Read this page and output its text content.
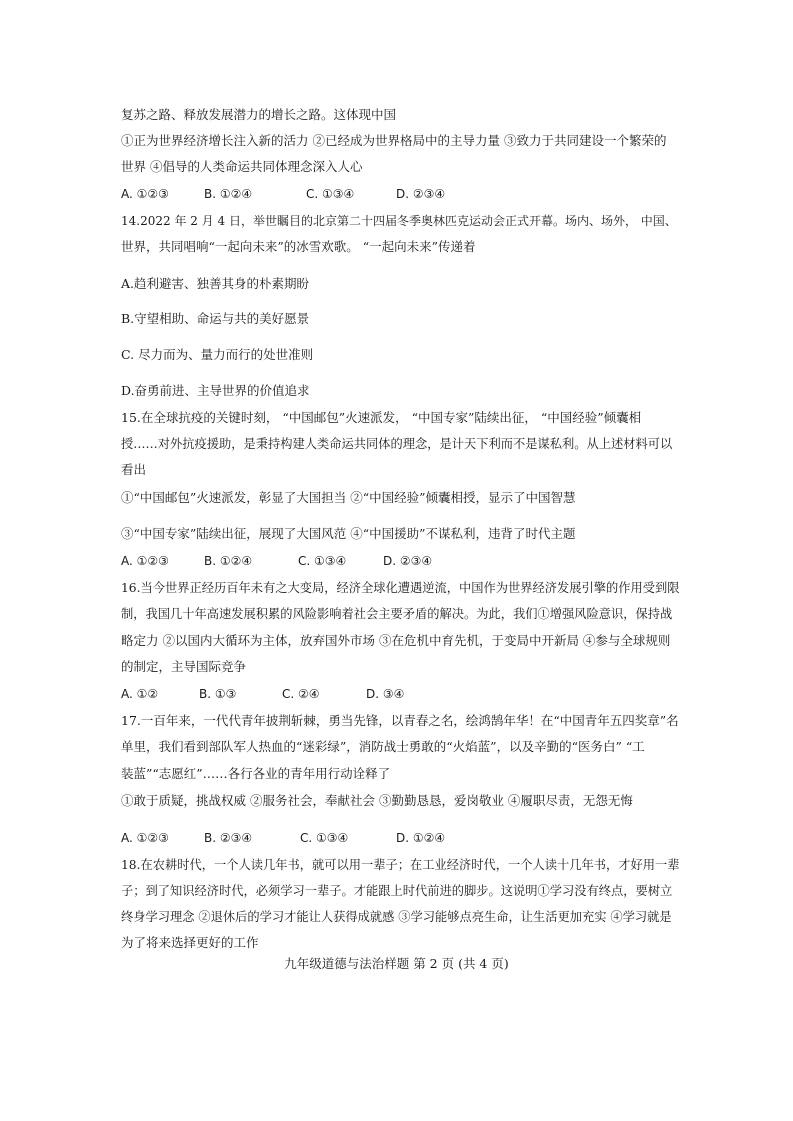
复苏之路、释放发展潜力的增长之路。这体现中国
①正为世界经济增长注入新的活力 ②已经成为世界格局中的主导力量 ③致力于共同建设一个繁荣的
世界 ④倡导的人类命运共同体理念深入人心
A. ①②③	B. ①②④	C. ①③④	D. ②③④
14.2022 年 2 月 4 日，举世瞩目的北京第二十四届冬季奥林匹克运动会正式开幕。场内、场外， 中国、
世界，共同唱响“一起向未来”的冰雪欢歌。 “一起向未来”传递着
A.趋利避害、独善其身的朴素期盼
B.守望相助、命运与共的美好愿景
C. 尽力而为、量力而行的处世准则
D.奋勇前进、主导世界的价值追求
15.在全球抗疫的关键时刻， “中国邮包”火速派发， “中国专家”陆续出征， “中国经验”倾囊相
授……对外抗疫援助，是秉持构建人类命运共同体的理念，是计天下利而不是谋私利。从上述材料可以
看出
①“中国邮包”火速派发，彰显了大国担当 ②“中国经验”倾囊相授，显示了中国智慧
③“中国专家”陆续出征，展现了大国风范 ④“中国援助”不谋私利，违背了时代主题
A. ①②③	B. ①②④	C. ①③④	D. ②③④
16.当今世界正经历百年未有之大变局，经济全球化遭遇逆流，中国作为世界经济发展引擎的作用受到限
制，我国几十年高速发展积累的风险影响着社会主要矛盾的解决。为此，我们①增强风险意识，保持战
略定力 ②以国内大循环为主体，放弃国外市场 ③在危机中育先机，于变局中开新局 ④参与全球规则
的制定，主导国际竞争
A. ①②	B. ①③	C. ②④	D. ③④
17.一百年来，一代代青年披荆斩棘，勇当先锋，以青春之名，绘鸿鹄年华！在“中国青年五四奖章”名
单里，我们看到部队军人热血的“迷彩绿”，消防战士勇敢的“火焰蓝”，以及辛勤的“医务白” “工
装蓝”“志愿红”……各行各业的青年用行动诠释了
①敢于质疑，挑战权威 ②服务社会，奉献社会 ③勤勤恳恳，爱岗敬业 ④履职尽责，无怨无悔
A. ①②③	B. ②③④	C. ①③④	D. ①②④
18.在农耕时代，一个人读几年书，就可以用一辈子；在工业经济时代，一个人读十几年书，才好用一辈
子；到了知识经济时代，必须学习一辈子。才能跟上时代前进的脚步。这说明①学习没有终点，要树立
终身学习理念 ②退休后的学习才能让人获得成就感 ③学习能够点亮生命，让生活更加充实 ④学习就是
为了将来选择更好的工作
九年级道德与法治样题 第 2 页 (共 4 页)
